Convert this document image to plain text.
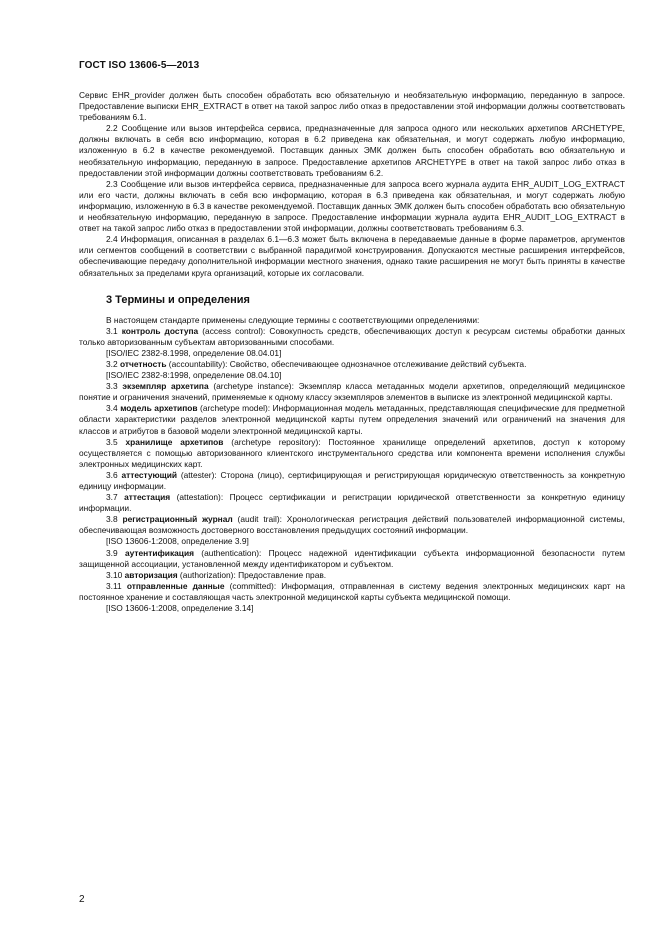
ГОСТ ISO 13606-5—2013

Сервис EHR_provider должен быть способен обработать всю обязательную и необязательную информацию, переданную в запросе. Предоставление выписки EHR_EXTRACT в ответ на такой запрос либо отказ в предоставлении этой информации должны соответствовать требованиям 6.1.

2.2 Сообщение или вызов интерфейса сервиса, предназначенные для запроса одного или нескольких архетипов ARCHETYPE, должны включать в себя всю информацию, которая в 6.2 приведена как обязательная, и могут содержать любую информацию, изложенную в 6.2 в качестве рекомендуемой. Поставщик данных ЭМК должен быть способен обработать всю обязательную и необязательную информацию, переданную в запросе. Предоставление архетипов ARCHETYPE в ответ на такой запрос либо отказ в предоставлении этой информации должны соответствовать требованиям 6.2.

2.3 Сообщение или вызов интерфейса сервиса, предназначенные для запроса всего журнала аудита EHR_AUDIT_LOG_EXTRACT или его части, должны включать в себя всю информацию, которая в 6.3 приведена как обязательная, и могут содержать любую информацию, изложенную в 6.3 в качестве рекомендуемой. Поставщик данных ЭМК должен быть способен обработать всю обязательную и необязательную информацию, переданную в запросе. Предоставление информации журнала аудита EHR_AUDIT_LOG_EXTRACT в ответ на такой запрос либо отказ в предоставлении этой информации, должны соответствовать требованиям 6.3.

2.4 Информация, описанная в разделах 6.1—6.3 может быть включена в передаваемые данные в форме параметров, аргументов или сегментов сообщений в соответствии с выбранной парадигмой конструирования. Допускаются местные расширения интерфейсов, обеспечивающие передачу дополнительной информации местного значения, однако такие расширения не могут быть приняты в качестве обязательных за пределами круга организаций, которые их согласовали.

3 Термины и определения

В настоящем стандарте применены следующие термины с соответствующими определениями:

3.1 контроль доступа (access control): Совокупность средств, обеспечивающих доступ к ресурсам системы обработки данных только авторизованным субъектам авторизованными способами.

[ISO/IEC 2382-8.1998, определение 08.04.01]

3.2 отчетность (accountability): Свойство, обеспечивающее однозначное отслеживание действий субъекта.

[ISO/IEC 2382-8:1998, определение 08.04.10]

3.3 экземпляр архетипа (archetype instance): Экземпляр класса метаданных модели архетипов, определяющий медицинское понятие и ограничения значений, применяемые к одному классу экземпляров элементов в выписке из электронной медицинской карты.

3.4 модель архетипов (archetype model): Информационная модель метаданных, представляющая специфические для предметной области характеристики разделов электронной медицинской карты путем определения значений или ограничений на значения для классов и атрибутов в базовой модели электронной медицинской карты.

3.5 хранилище архетипов (archetype repository): Постоянное хранилище определений архетипов, доступ к которому осуществляется с помощью авторизованного клиентского инструментального средства или компонента времени исполнения службы электронных медицинских карт.

3.6 аттестующий (attester): Сторона (лицо), сертифицирующая и регистрирующая юридическую ответственность за конкретную единицу информации.

3.7 аттестация (attestation): Процесс сертификации и регистрации юридической ответственности за конкретную единицу информации.

3.8 регистрационный журнал (audit trail): Хронологическая регистрация действий пользователей информационной системы, обеспечивающая возможность достоверного восстановления предыдущих состояний информации.

[ISO 13606-1:2008, определение 3.9]

3.9 аутентификация (authentication): Процесс надежной идентификации субъекта информационной безопасности путем защищенной ассоциации, установленной между идентификатором и субъектом.

3.10 авторизация (authorization): Предоставление прав.

3.11 отправленные данные (committed): Информация, отправленная в систему ведения электронных медицинских карт на постоянное хранение и составляющая часть электронной медицинской карты субъекта медицинской помощи.

[ISO 13606-1:2008, определение 3.14]

2
